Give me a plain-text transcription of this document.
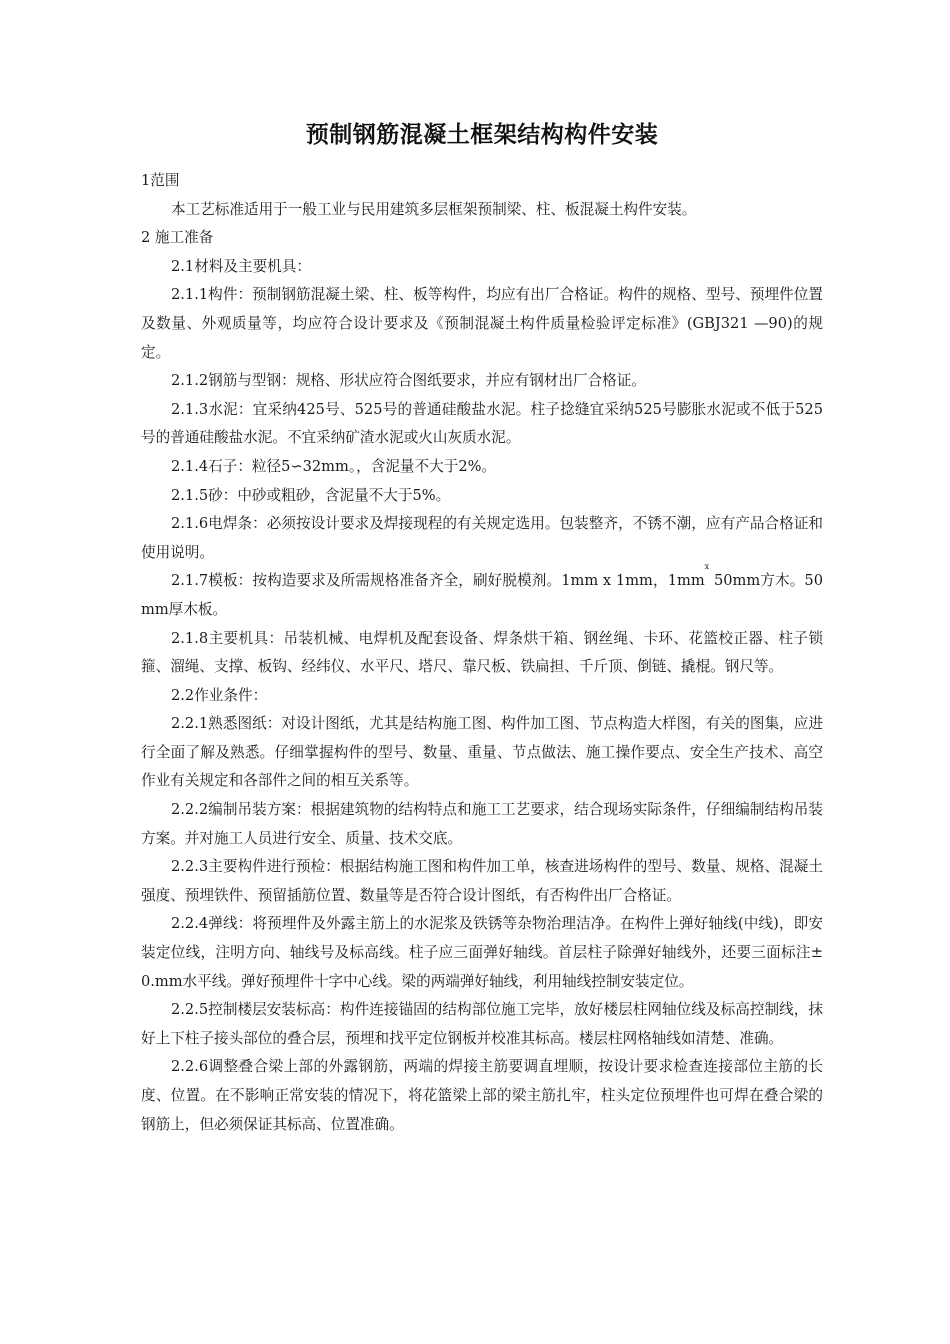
预制钢筋混凝土框架结构构件安装

1范围

本工艺标准适用于一般工业与民用建筑多层框架预制梁、柱、板混凝土构件安装。

2 施工准备

2.1材料及主要机具：

2.1.1构件：预制钢筋混凝土梁、柱、板等构件，均应有出厂合格证。构件的规格、型号、预埋件位置及数量、外观质量等，均应符合设计要求及《预制混凝土构件质量检验评定标准》(GBJ321 —90)的规定。

2.1.2钢筋与型钢：规格、形状应符合图纸要求，并应有钢材出厂合格证。

2.1.3水泥：宜采纳425号、525号的普通硅酸盐水泥。柱子捻缝宜采纳525号膨胀水泥或不低于525号的普通硅酸盐水泥。不宜采纳矿渣水泥或火山灰质水泥。

2.1.4石子：粒径5∽32mm。，含泥量不大于2%。

2.1.5砂：中砂或粗砂，含泥量不大于5%。

2.1.6电焊条：必须按设计要求及焊接现程的有关规定选用。包装整齐，不锈不潮，应有产品合格证和使用说明。

2.1.7模板：按构造要求及所需规格准备齐全，刷好脱模剂。1mm x 1mm，$1mm^x$ 50mm方木。50mm厚木板。

2.1.8主要机具：吊装机械、电焊机及配套设备、焊条烘干箱、钢丝绳、卡环、花篮校正器、柱子锁箍、溜绳、支撑、板钩、经纬仪、水平尺、塔尺、靠尺板、铁扁担、千斤顶、倒链、撬棍。钢尺等。

2.2作业条件：

2.2.1熟悉图纸：对设计图纸，尤其是结构施工图、构件加工图、节点构造大样图，有关的图集，应进行全面了解及熟悉。仔细掌握构件的型号、数量、重量、节点做法、施工操作要点、安全生产技术、高空作业有关规定和各部件之间的相互关系等。

2.2.2编制吊装方案：根据建筑物的结构特点和施工工艺要求，结合现场实际条件，仔细编制结构吊装方案。并对施工人员进行安全、质量、技术交底。

2.2.3主要构件进行预检：根据结构施工图和构件加工单，核查进场构件的型号、数量、规格、混凝土强度、预埋铁件、预留插筋位置、数量等是否符合设计图纸，有否构件出厂合格证。

2.2.4弹线：将预埋件及外露主筋上的水泥浆及铁锈等杂物治理洁净。在构件上弹好轴线(中线)，即安装定位线，注明方向、轴线号及标高线。柱子应三面弹好轴线。首层柱子除弹好轴线外，还要三面标注± 0.mm水平线。弹好预埋件十字中心线。梁的两端弹好轴线，利用轴线控制安装定位。

2.2.5控制楼层安装标高：构件连接锚固的结构部位施工完毕，放好楼层柱网轴位线及标高控制线，抹好上下柱子接头部位的叠合层，预埋和找平定位钢板并校准其标高。楼层柱网格轴线如清楚、准确。

2.2.6调整叠合梁上部的外露钢筋，两端的焊接主筋要调直埋顺，按设计要求检查连接部位主筋的长度、位置。在不影响正常安装的情况下，将花篮梁上部的梁主筋扎牢，柱头定位预埋件也可焊在叠合梁的钢筋上，但必须保证其标高、位置准确。
